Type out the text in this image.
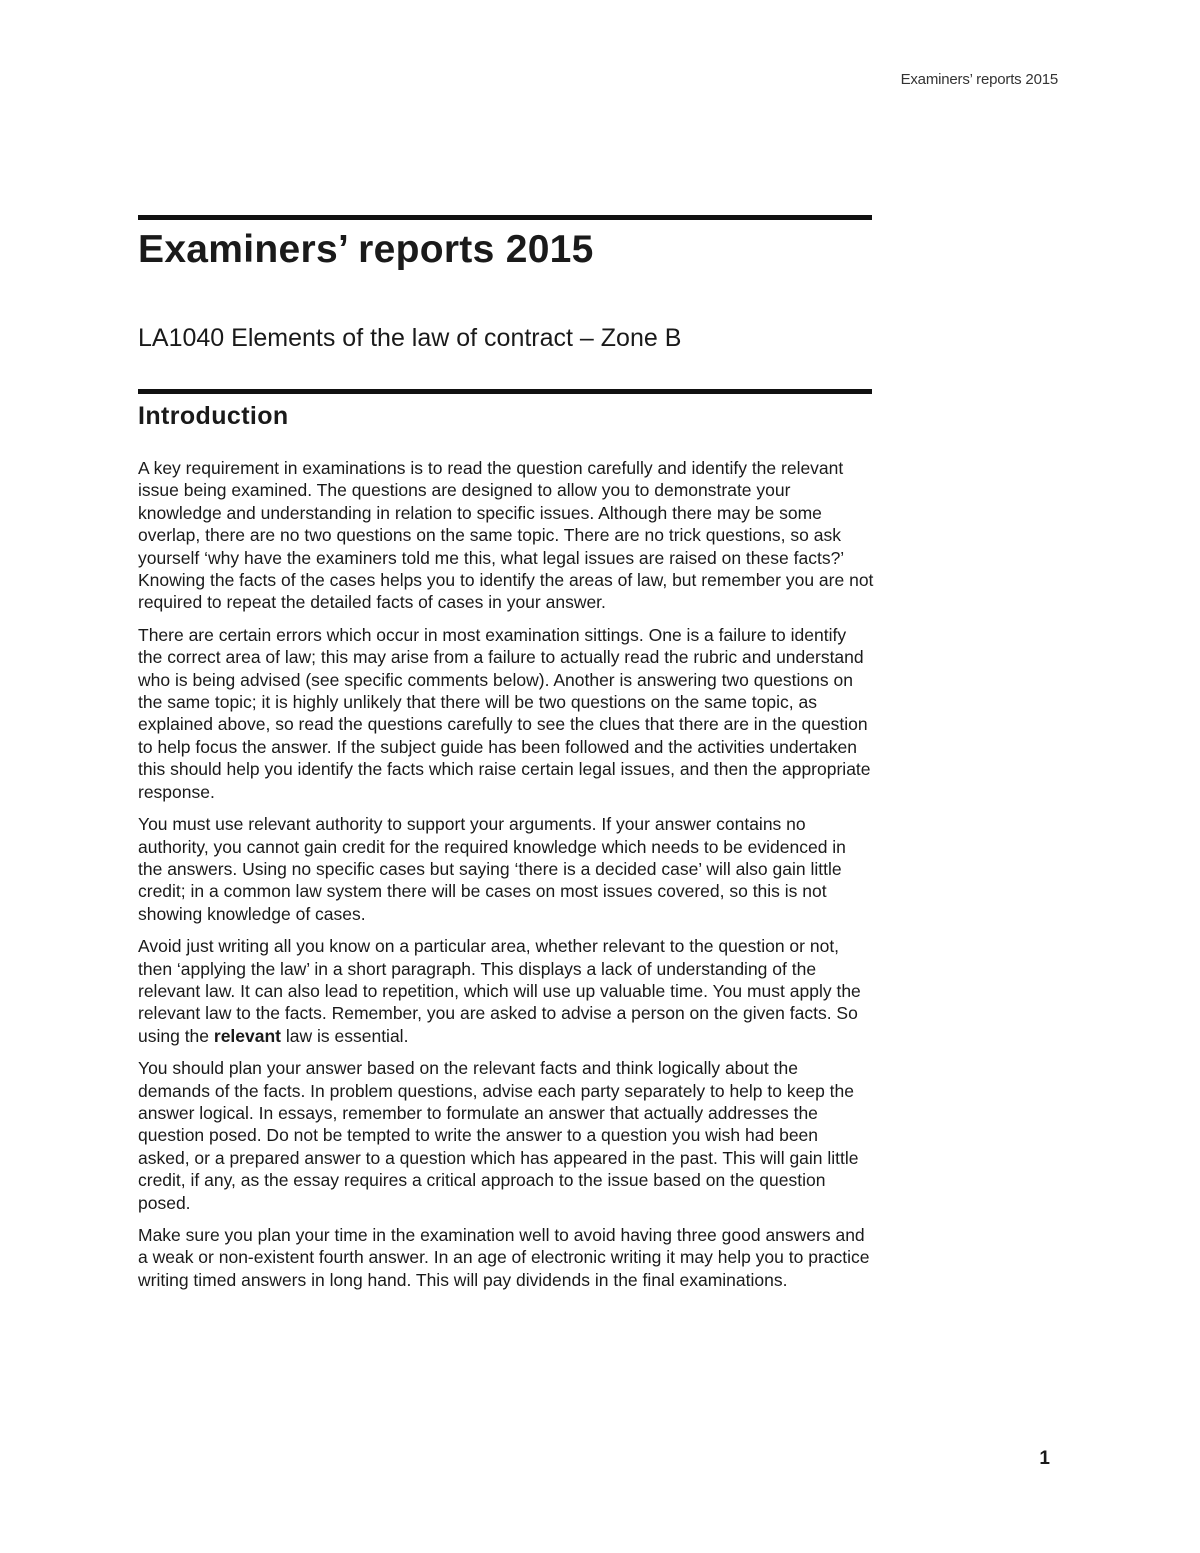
Examiners’ reports 2015
Examiners’ reports 2015
LA1040 Elements of the law of contract – Zone B
Introduction

A key requirement in examinations is to read the question carefully and identify the relevant issue being examined. The questions are designed to allow you to demonstrate your knowledge and understanding in relation to specific issues. Although there may be some overlap, there are no two questions on the same topic. There are no trick questions, so ask yourself ‘why have the examiners told me this, what legal issues are raised on these facts?’ Knowing the facts of the cases helps you to identify the areas of law, but remember you are not required to repeat the detailed facts of cases in your answer.

There are certain errors which occur in most examination sittings. One is a failure to identify the correct area of law; this may arise from a failure to actually read the rubric and understand who is being advised (see specific comments below). Another is answering two questions on the same topic; it is highly unlikely that there will be two questions on the same topic, as explained above, so read the questions carefully to see the clues that there are in the question to help focus the answer. If the subject guide has been followed and the activities undertaken this should help you identify the facts which raise certain legal issues, and then the appropriate response.

You must use relevant authority to support your arguments. If your answer contains no authority, you cannot gain credit for the required knowledge which needs to be evidenced in the answers. Using no specific cases but saying ‘there is a decided case’ will also gain little credit; in a common law system there will be cases on most issues covered, so this is not showing knowledge of cases.

Avoid just writing all you know on a particular area, whether relevant to the question or not, then ‘applying the law’ in a short paragraph. This displays a lack of understanding of the relevant law. It can also lead to repetition, which will use up valuable time. You must apply the relevant law to the facts. Remember, you are asked to advise a person on the given facts. So using the relevant law is essential.

You should plan your answer based on the relevant facts and think logically about the demands of the facts. In problem questions, advise each party separately to help to keep the answer logical. In essays, remember to formulate an answer that actually addresses the question posed. Do not be tempted to write the answer to a question you wish had been asked, or a prepared answer to a question which has appeared in the past. This will gain little credit, if any, as the essay requires a critical approach to the issue based on the question posed.

Make sure you plan your time in the examination well to avoid having three good answers and a weak or non-existent fourth answer. In an age of electronic writing it may help you to practice writing timed answers in long hand. This will pay dividends in the final examinations.

1
